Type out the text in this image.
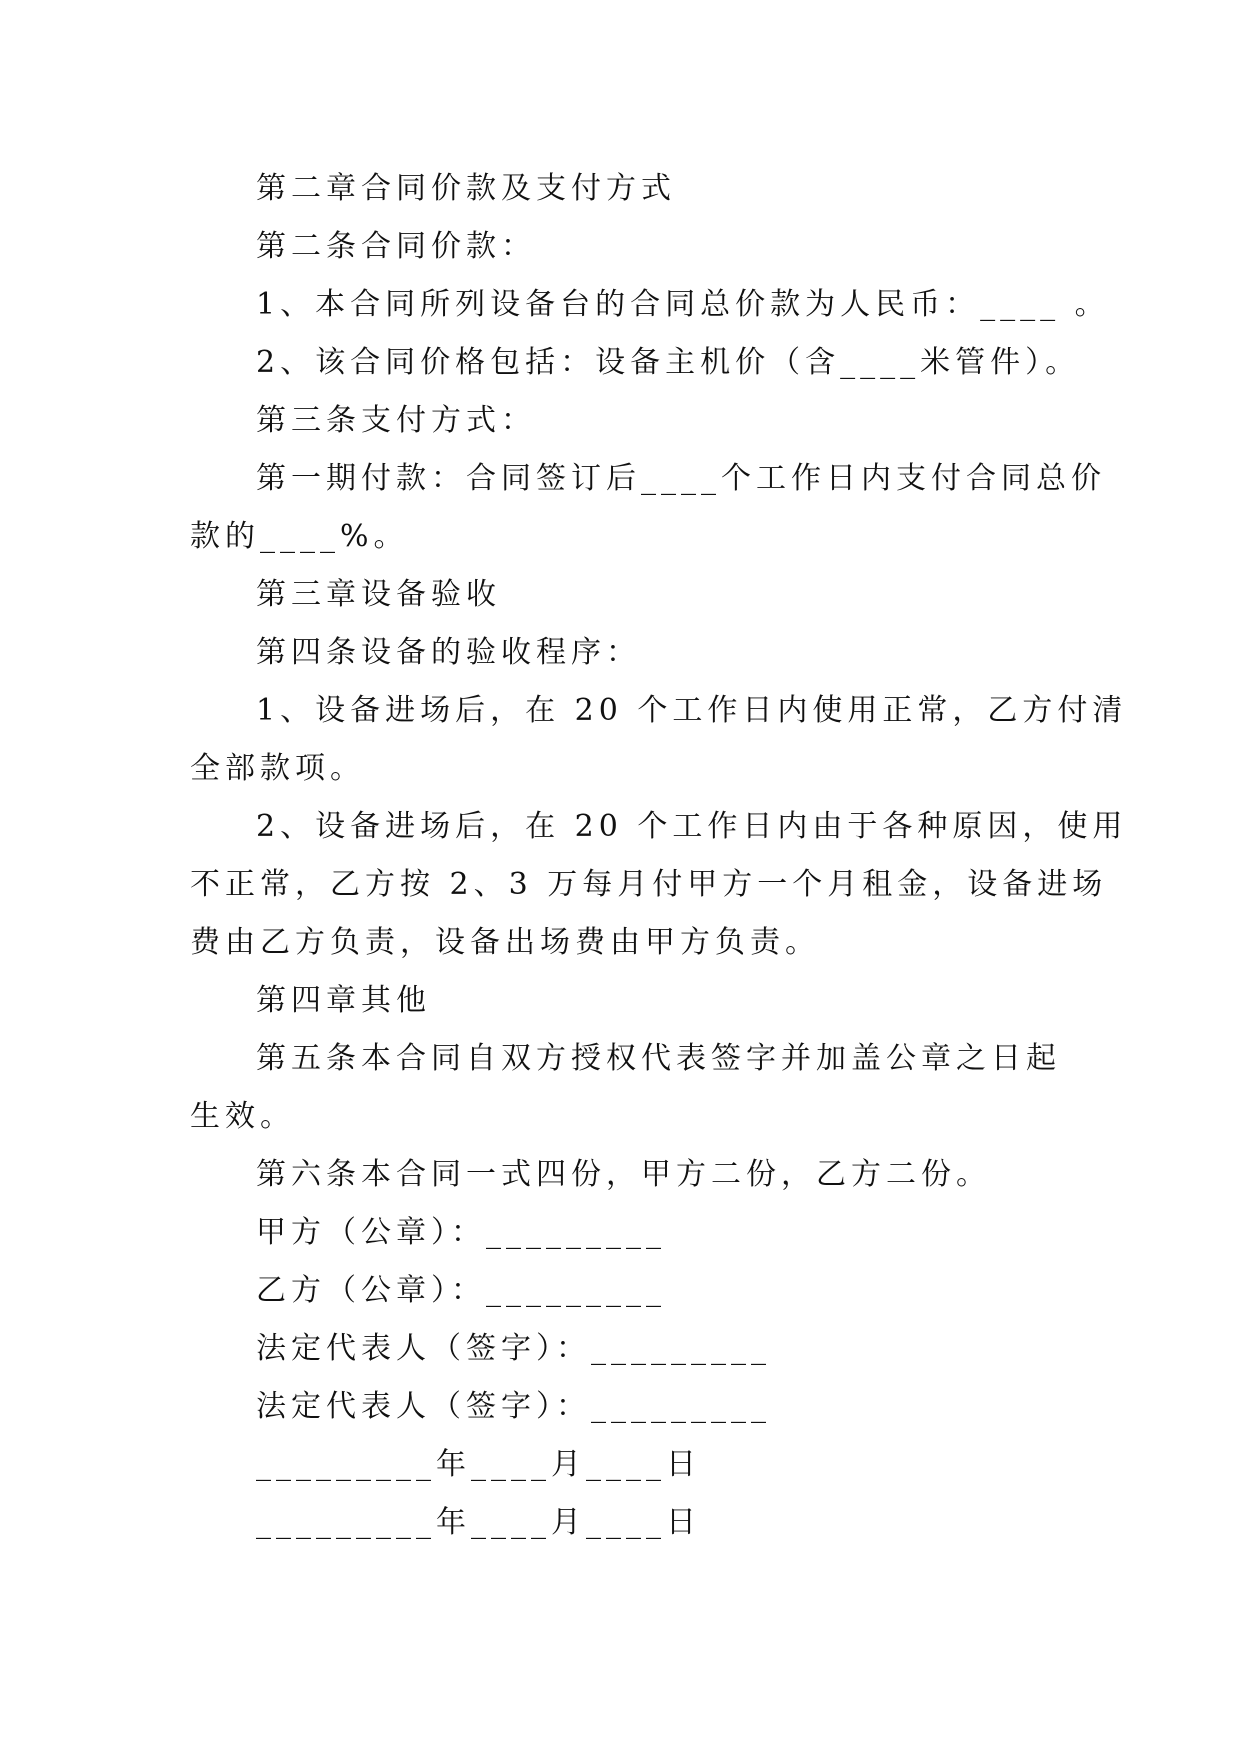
第二章合同价款及支付方式
第二条合同价款：
1、本合同所列设备台的合同总价款为人民币：____ 。
2、该合同价格包括：设备主机价（含____米管件）。
第三条支付方式：
第一期付款：合同签订后____个工作日内支付合同总价
款的____%。
第三章设备验收
第四条设备的验收程序：
1、设备进场后，在 20 个工作日内使用正常，乙方付清
全部款项。
2、设备进场后，在 20 个工作日内由于各种原因，使用
不正常，乙方按 2、3 万每月付甲方一个月租金，设备进场
费由乙方负责，设备出场费由甲方负责。
第四章其他
第五条本合同自双方授权代表签字并加盖公章之日起
生效。
第六条本合同一式四份，甲方二份，乙方二份。
甲方（公章）：_________
乙方（公章）：_________
法定代表人（签字）：_________
法定代表人（签字）：_________
_________年____月____日
_________年____月____日
